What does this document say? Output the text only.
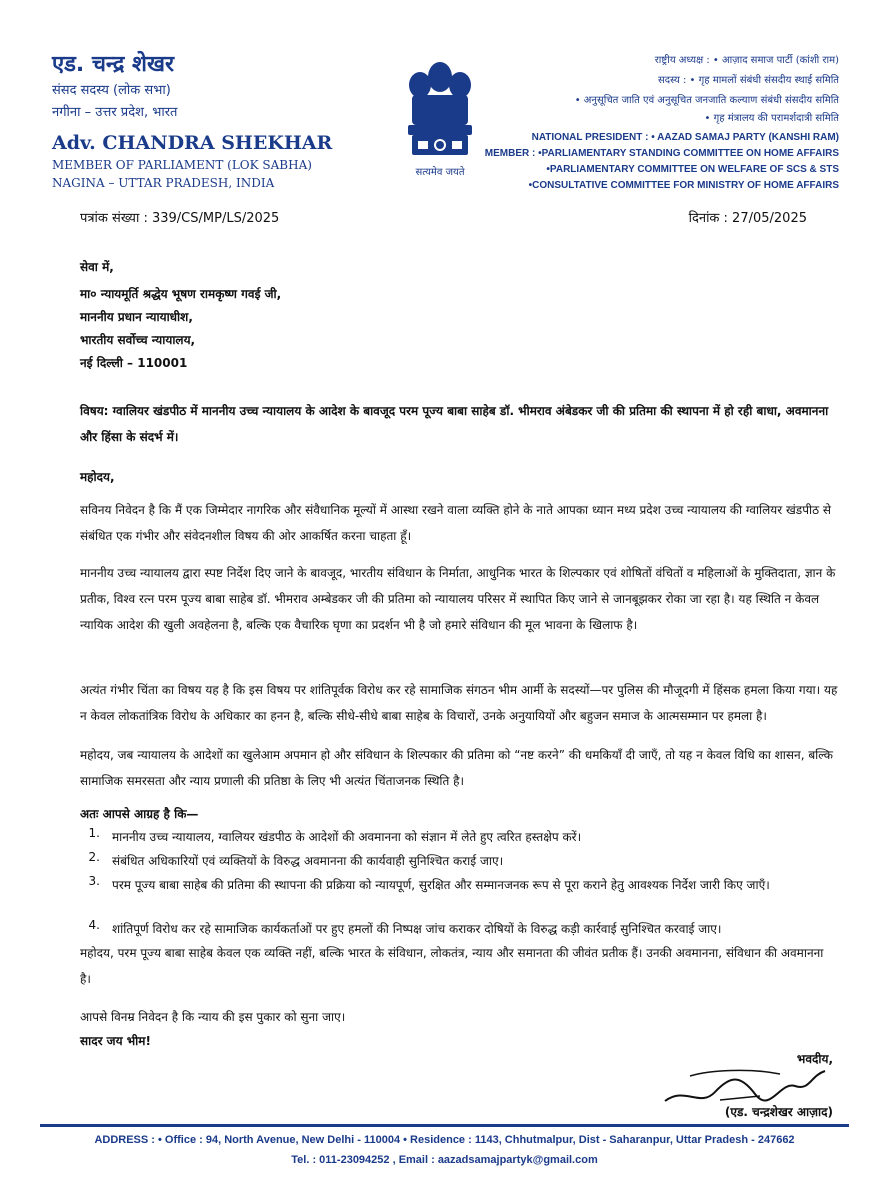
एड. चन्द्र शेखर
संसद सदस्य (लोक सभा)
नगीना – उत्तर प्रदेश, भारत
Adv. CHANDRA SHEKHAR
MEMBER OF PARLIAMENT (LOK SABHA)
NAGINA – UTTAR PRADESH, INDIA
सत्यमेव जयते
राष्ट्रीय अध्यक्ष : • आज़ाद समाज पार्टी (कांशी राम)
सदस्य : • गृह मामलों संबंधी संसदीय स्थाई समिति
• अनुसूचित जाति एवं अनुसूचित जनजाति कल्याण संबंधी संसदीय समिति
• गृह मंत्रालय की परामर्शदात्री समिति
NATIONAL PRESIDENT : • AAZAD SAMAJ PARTY (KANSHI RAM)
MEMBER : •PARLIAMENTARY STANDING COMMITTEE ON HOME AFFAIRS
•PARLIAMENTARY COMMITTEE ON WELFARE OF SCS & STS
•CONSULTATIVE COMMITTEE FOR MINISTRY OF HOME AFFAIRS
पत्रांक संख्या : 339/CS/MP/LS/2025	दिनांक : 27/05/2025
सेवा में,
मा० न्यायमूर्ति श्रद्धेय भूषण रामकृष्ण गवई जी,
माननीय प्रधान न्यायाधीश,
भारतीय सर्वोच्च न्यायालय,
नई दिल्ली – 110001
विषय: ग्वालियर खंडपीठ में माननीय उच्च न्यायालय के आदेश के बावजूद परम पूज्य बाबा साहेब डॉ. भीमराव अंबेडकर जी की प्रतिमा की स्थापना में हो रही बाधा, अवमानना और हिंसा के संदर्भ में।
महोदय,
सविनय निवेदन है कि मैं एक जिम्मेदार नागरिक और संवैधानिक मूल्यों में आस्था रखने वाला व्यक्ति होने के नाते आपका ध्यान मध्य प्रदेश उच्च न्यायालय की ग्वालियर खंडपीठ से संबंधित एक गंभीर और संवेदनशील विषय की ओर आकर्षित करना चाहता हूँ।
माननीय उच्च न्यायालय द्वारा स्पष्ट निर्देश दिए जाने के बावजूद, भारतीय संविधान के निर्माता, आधुनिक भारत के शिल्पकार एवं शोषितों वंचितों व महिलाओं के मुक्तिदाता, ज्ञान के प्रतीक, विश्व रत्न परम पूज्य बाबा साहेब डॉ. भीमराव अम्बेडकर जी की प्रतिमा को न्यायालय परिसर में स्थापित किए जाने से जानबूझकर रोका जा रहा है। यह स्थिति न केवल न्यायिक आदेश की खुली अवहेलना है, बल्कि एक वैचारिक घृणा का प्रदर्शन भी है जो हमारे संविधान की मूल भावना के खिलाफ है।
अत्यंत गंभीर चिंता का विषय यह है कि इस विषय पर शांतिपूर्वक विरोध कर रहे सामाजिक संगठन भीम आर्मी के सदस्यों—पर पुलिस की मौजूदगी में हिंसक हमला किया गया। यह न केवल लोकतांत्रिक विरोध के अधिकार का हनन है, बल्कि सीधे-सीधे बाबा साहेब के विचारों, उनके अनुयायियों और बहुजन समाज के आत्मसम्मान पर हमला है।
महोदय, जब न्यायालय के आदेशों का खुलेआम अपमान हो और संविधान के शिल्पकार की प्रतिमा को “नष्ट करने” की धमकियाँ दी जाएँ, तो यह न केवल विधि का शासन, बल्कि सामाजिक समरसता और न्याय प्रणाली की प्रतिष्ठा के लिए भी अत्यंत चिंताजनक स्थिति है।
अतः आपसे आग्रह है कि—
1. माननीय उच्च न्यायालय, ग्वालियर खंडपीठ के आदेशों की अवमानना को संज्ञान में लेते हुए त्वरित हस्तक्षेप करें।
2. संबंधित अधिकारियों एवं व्यक्तियों के विरुद्ध अवमानना की कार्यवाही सुनिश्चित कराई जाए।
3. परम पूज्य बाबा साहेब की प्रतिमा की स्थापना की प्रक्रिया को न्यायपूर्ण, सुरक्षित और सम्मानजनक रूप से पूरा कराने हेतु आवश्यक निर्देश जारी किए जाएँ।
4. शांतिपूर्ण विरोध कर रहे सामाजिक कार्यकर्ताओं पर हुए हमलों की निष्पक्ष जांच कराकर दोषियों के विरुद्ध कड़ी कार्रवाई सुनिश्चित करवाई जाए।
महोदय, परम पूज्य बाबा साहेब केवल एक व्यक्ति नहीं, बल्कि भारत के संविधान, लोकतंत्र, न्याय और समानता की जीवंत प्रतीक हैं। उनकी अवमानना, संविधान की अवमानना है।
आपसे विनम्र निवेदन है कि न्याय की इस पुकार को सुना जाए।
सादर जय भीम!
भवदीय,
(एड. चन्द्रशेखर आज़ाद)
ADDRESS : • Office : 94, North Avenue, New Delhi - 110004 • Residence : 1143, Chhutmalpur, Dist - Saharanpur, Uttar Pradesh - 247662
Tel. : 011-23094252 , Email : aazadsamajpartyk@gmail.com
